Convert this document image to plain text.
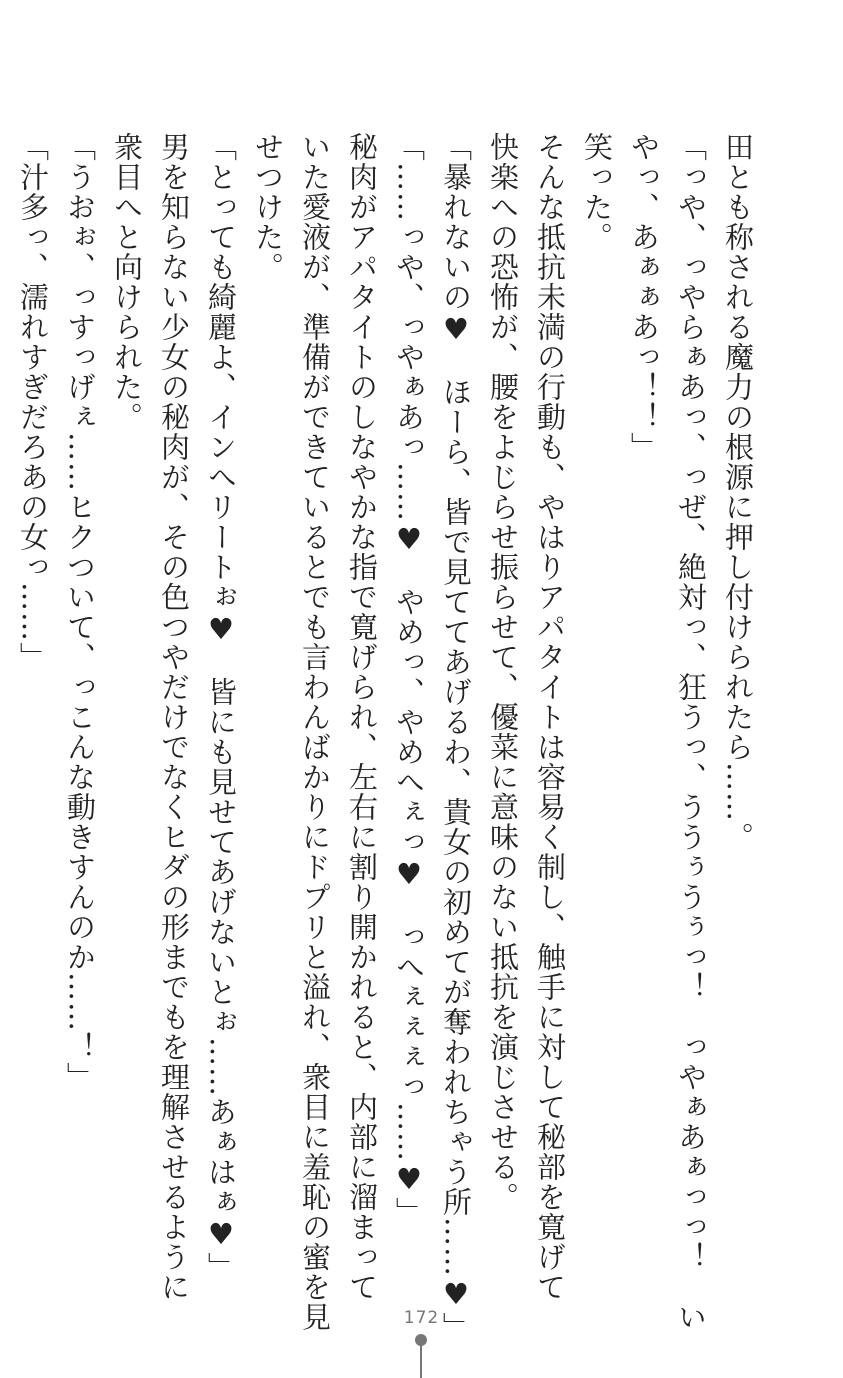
田とも称される魔力の根源に押し付けられたら……。
「っや、っやらぁあっ、っぜ、絶対っ、狂うっ、ううぅうぅっ！　っやぁあぁっっ！　い
やっ、あぁぁあっ！！」
笑った。
そんな抵抗未満の行動も、やはりアパタイトは容易く制し、触手に対して秘部を寛げて
快楽への恐怖が、腰をよじらせ振らせて、優菜に意味のない抵抗を演じさせる。
「暴れないの♥　ほーら、皆で見ててあげるわ、貴女の初めてが奪われちゃう所……♥」
「……っや、っやぁあっ……♥　やめっ、やめへぇっ♥　っへぇぇぇっ……♥」
秘肉がアパタイトのしなやかな指で寛げられ、左右に割り開かれると、内部に溜まって
いた愛液が、準備ができているとでも言わんばかりにドプリと溢れ、衆目に羞恥の蜜を見
せつけた。
「とっても綺麗よ、インへリートぉ♥　皆にも見せてあげないとぉ……あぁはぁ♥」
男を知らない少女の秘肉が、その色つやだけでなくヒダの形までもを理解させるように
衆目へと向けられた。
「うおぉ、っすっげぇ……ヒクついて、っこんな動きすんのか……！」
「汁多っ、濡れすぎだろあの女っ……」
172
